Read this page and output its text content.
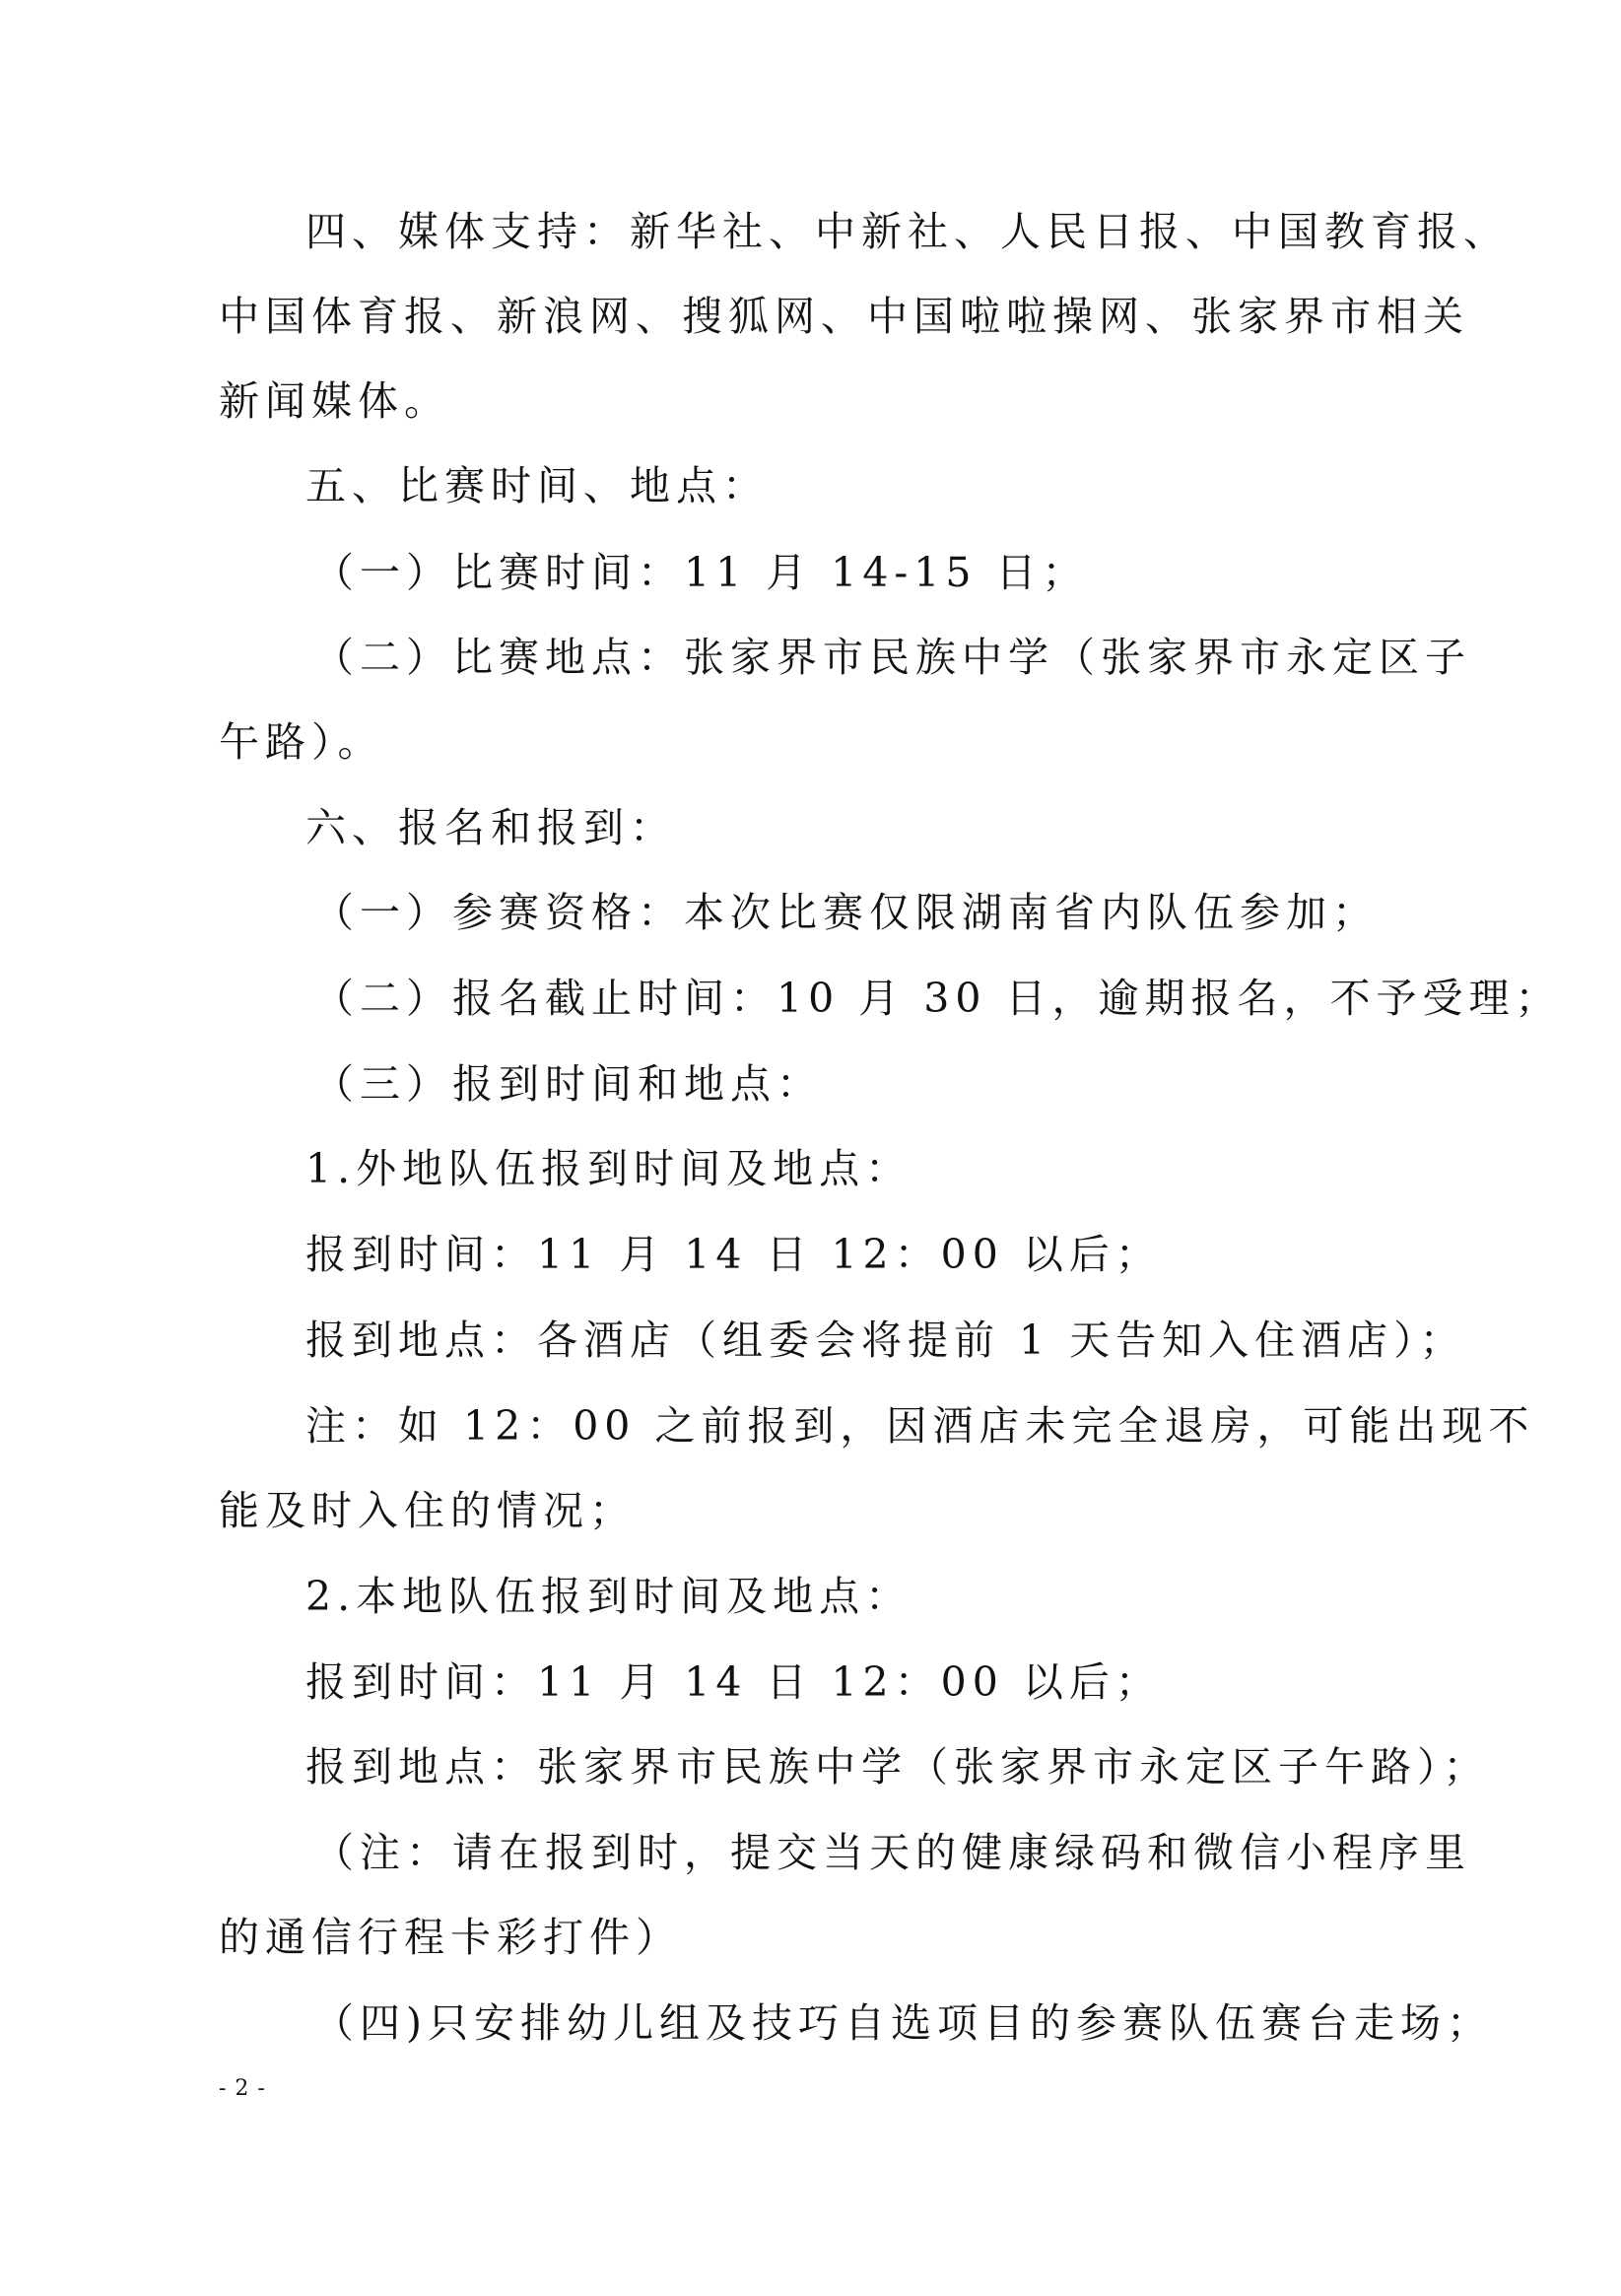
四、媒体支持：新华社、中新社、人民日报、中国教育报、
中国体育报、新浪网、搜狐网、中国啦啦操网、张家界市相关
新闻媒体。
五、比赛时间、地点：
（一）比赛时间：11 月 14-15 日；
（二）比赛地点：张家界市民族中学（张家界市永定区子
午路）。
六、报名和报到：
（一）参赛资格：本次比赛仅限湖南省内队伍参加；
（二）报名截止时间：10 月 30 日，逾期报名，不予受理；
（三）报到时间和地点：
1.外地队伍报到时间及地点：
报到时间：11 月 14 日 12：00 以后；
报到地点：各酒店（组委会将提前 1 天告知入住酒店）；
注：如 12：00 之前报到，因酒店未完全退房，可能出现不
能及时入住的情况；
2.本地队伍报到时间及地点：
报到时间：11 月 14 日 12：00 以后；
报到地点：张家界市民族中学（张家界市永定区子午路）；
（注：请在报到时，提交当天的健康绿码和微信小程序里
的通信行程卡彩打件）
（四)只安排幼儿组及技巧自选项目的参赛队伍赛台走场；
- 2 -
